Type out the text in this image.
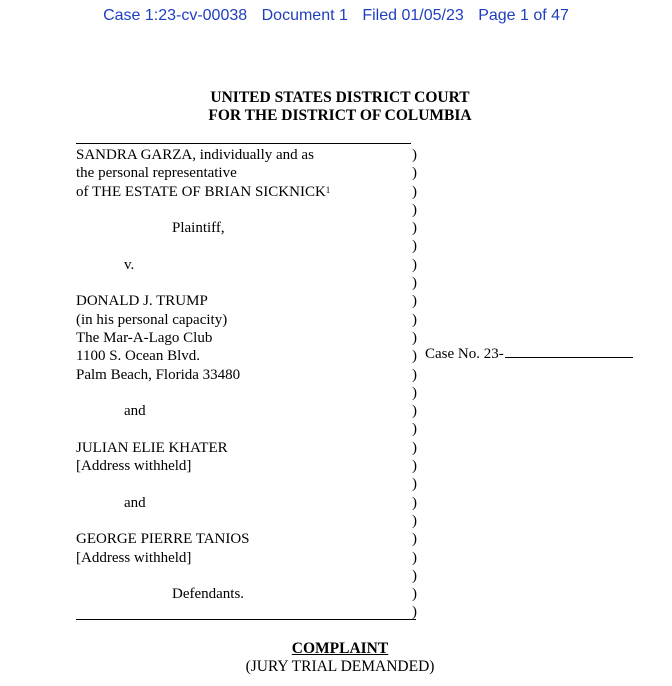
Case 1:23-cv-00038 Document 1 Filed 01/05/23 Page 1 of 47
UNITED STATES DISTRICT COURT
FOR THE DISTRICT OF COLUMBIA
SANDRA GARZA, individually and as
the personal representative
of THE ESTATE OF BRIAN SICKNICK$^1$
Plaintiff,
v.
DONALD J. TRUMP
(in his personal capacity)
The Mar-A-Lago Club
1100 S. Ocean Blvd.
Palm Beach, Florida 33480
and
JULIAN ELIE KHATER
[Address withheld]
and
GEORGE PIERRE TANIOS
[Address withheld]
Defendants.
)
)
)
)
)
)
)
)
)
)
)
)
)
)
)
)
)
)
)
)
)
)
)
)
)
)
Case No. 23-
COMPLAINT
(JURY TRIAL DEMANDED)
